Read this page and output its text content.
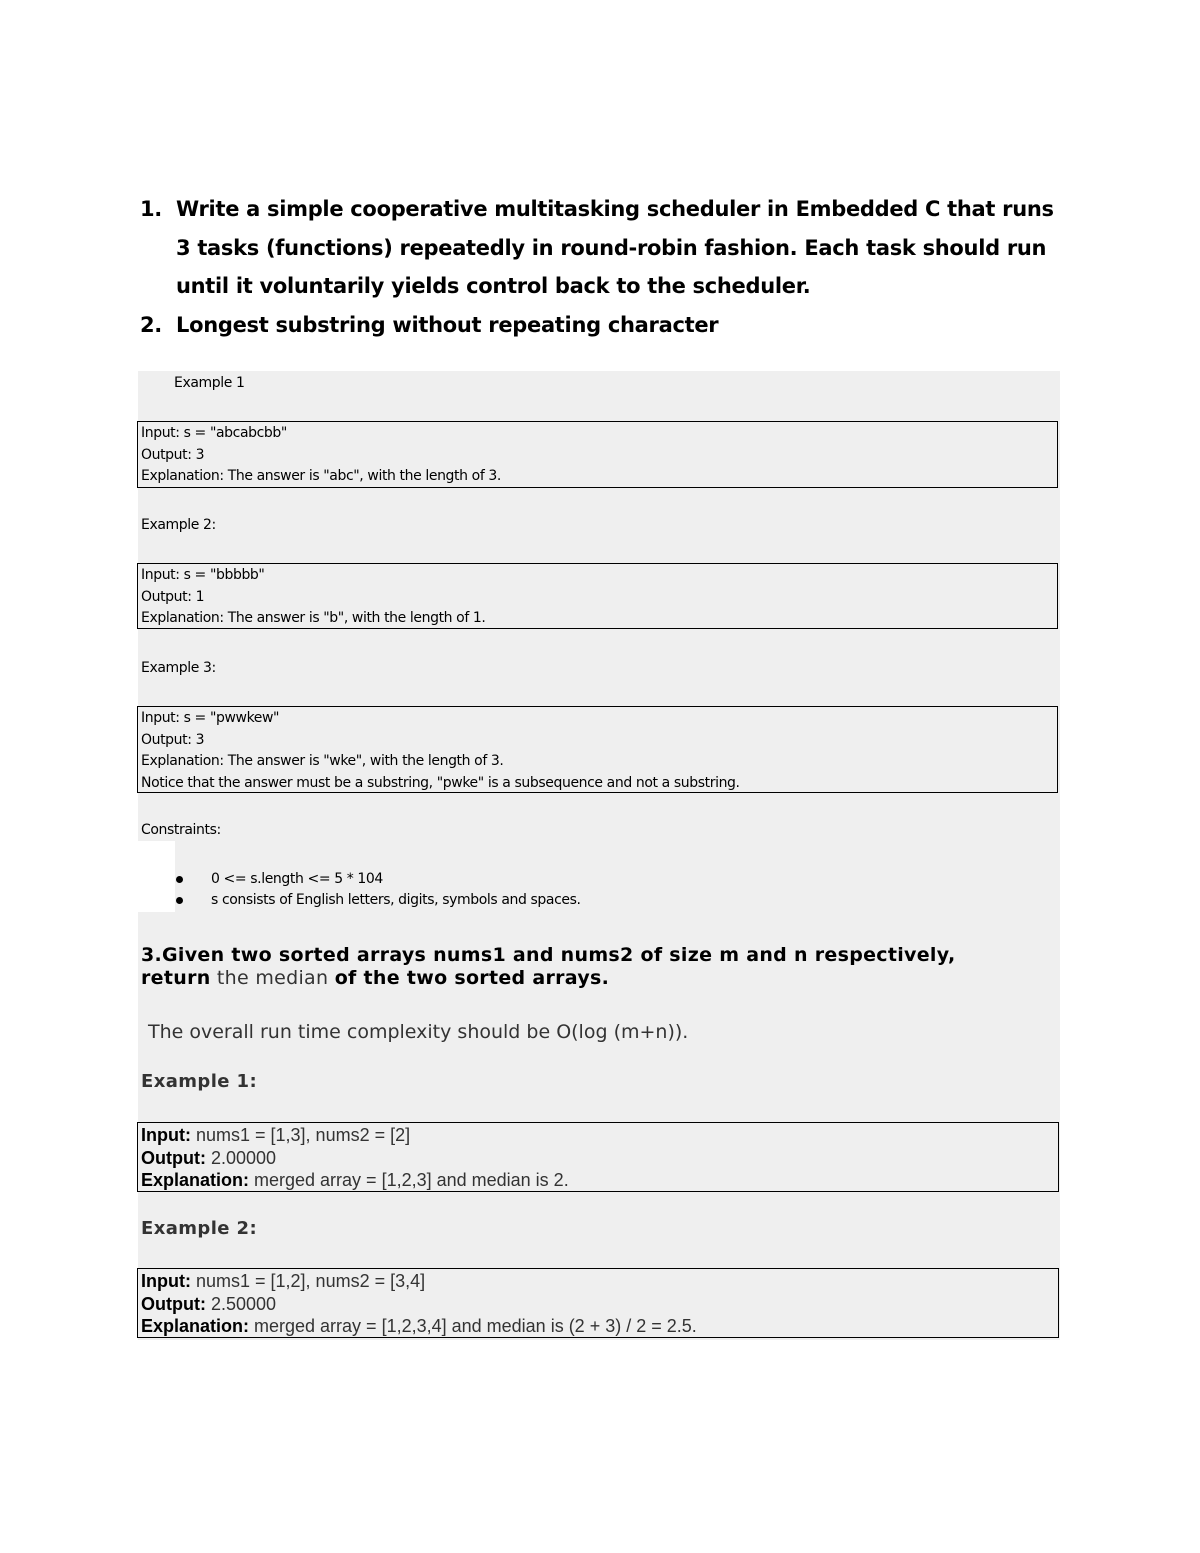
1. Write a simple cooperative multitasking scheduler in Embedded C that runs 3 tasks (functions) repeatedly in round-robin fashion. Each task should run until it voluntarily yields control back to the scheduler.
2. Longest substring without repeating character
Example 1
Input: s = "abcabcbb"
Output: 3
Explanation: The answer is "abc", with the length of 3.
Example 2:
Input: s = "bbbbb"
Output: 1
Explanation: The answer is "b", with the length of 1.
Example 3:
Input: s = "pwwkew"
Output: 3
Explanation: The answer is "wke", with the length of 3.
Notice that the answer must be a substring, "pwke" is a subsequence and not a substring.
Constraints:
0 <= s.length <= 5 * 104
s consists of English letters, digits, symbols and spaces.
3.Given two sorted arrays nums1 and nums2 of size m and n respectively,
return the median of the two sorted arrays.
The overall run time complexity should be O(log (m+n)).
Example 1:
Input: nums1 = [1,3], nums2 = [2]
Output: 2.00000
Explanation: merged array = [1,2,3] and median is 2.
Example 2:
Input: nums1 = [1,2], nums2 = [3,4]
Output: 2.50000
Explanation: merged array = [1,2,3,4] and median is (2 + 3) / 2 = 2.5.
